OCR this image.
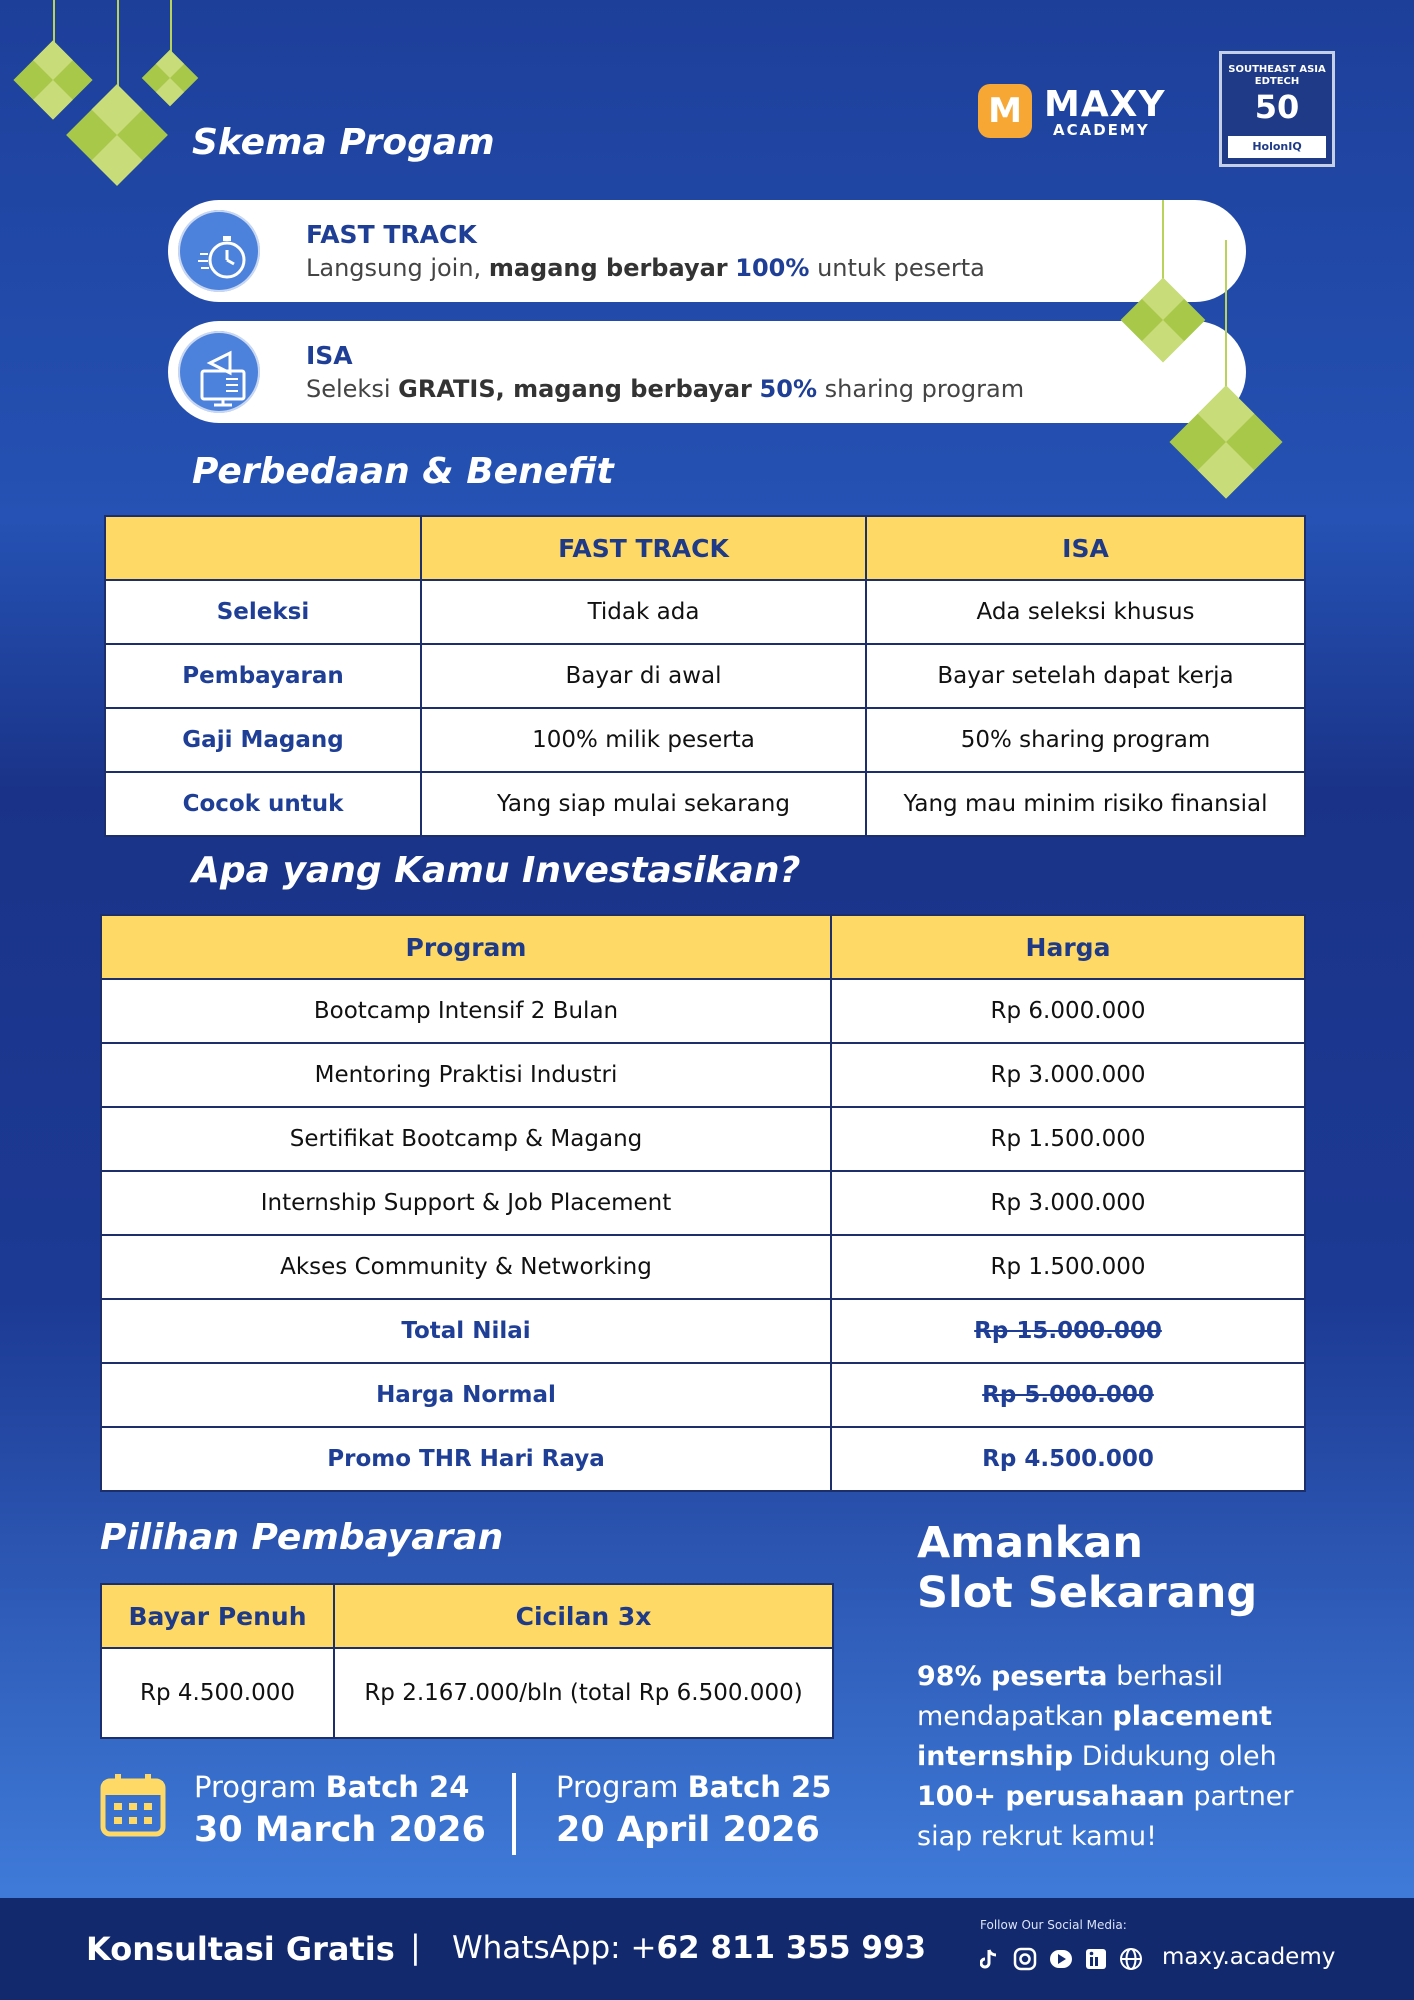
M MAXY
ACADEMY
SOUTHEAST ASIA
EDTECH
50
HolonIQ
Skema Progam
FAST TRACK
Langsung join, magang berbayar 100% untuk peserta
ISA
Seleksi GRATIS, magang berbayar 50% sharing program
Perbedaan & Benefit
	FAST TRACK	ISA
Seleksi	Tidak ada	Ada seleksi khusus
Pembayaran	Bayar di awal	Bayar setelah dapat kerja
Gaji Magang	100% milik peserta	50% sharing program
Cocok untuk	Yang siap mulai sekarang	Yang mau minim risiko finansial
Apa yang Kamu Investasikan?
Program	Harga
Bootcamp Intensif 2 Bulan	Rp 6.000.000
Mentoring Praktisi Industri	Rp 3.000.000
Sertifikat Bootcamp & Magang	Rp 1.500.000
Internship Support & Job Placement	Rp 3.000.000
Akses Community & Networking	Rp 1.500.000
Total Nilai	Rp 15.000.000
Harga Normal	Rp 5.000.000
Promo THR Hari Raya	Rp 4.500.000
Pilihan Pembayaran
Bayar Penuh	Cicilan 3x
Rp 4.500.000	Rp 2.167.000/bln (total Rp 6.500.000)
Program Batch 24
30 March 2026
Program Batch 25
20 April 2026
Amankan
Slot Sekarang
98% peserta berhasil mendapatkan placement internship Didukung oleh 100+ perusahaan partner siap rekrut kamu!
Konsultasi Gratis | WhatsApp: +62 811 355 993
Follow Our Social Media:
maxy.academy
